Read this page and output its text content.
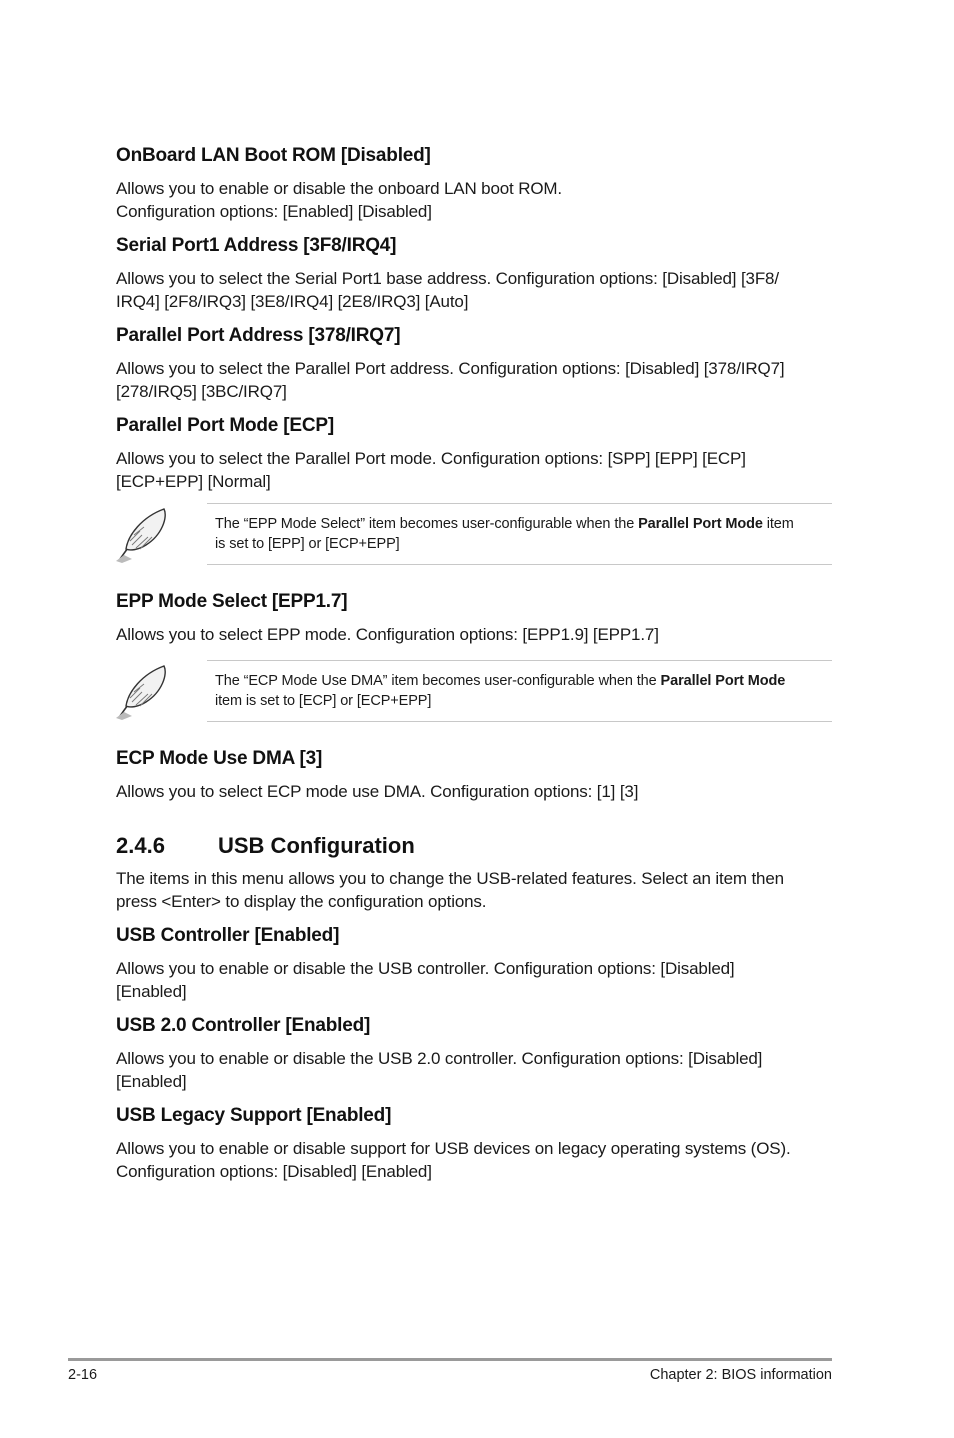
OnBoard LAN Boot ROM [Disabled]
Allows you to enable or disable the onboard LAN boot ROM.
Configuration options: [Enabled] [Disabled]
Serial Port1 Address [3F8/IRQ4]
Allows you to select the Serial Port1 base address. Configuration options: [Disabled] [3F8/
IRQ4] [2F8/IRQ3] [3E8/IRQ4] [2E8/IRQ3] [Auto]
Parallel Port Address [378/IRQ7]
Allows you to select the Parallel Port address. Configuration options: [Disabled] [378/IRQ7]
[278/IRQ5] [3BC/IRQ7]
Parallel Port Mode [ECP]
Allows you to select the Parallel Port mode. Configuration options: [SPP] [EPP] [ECP]
[ECP+EPP] [Normal]
The “EPP Mode Select” item becomes user-configurable when the Parallel Port Mode item
is set to [EPP] or [ECP+EPP]
EPP Mode Select [EPP1.7]
Allows you to select EPP mode. Configuration options: [EPP1.9] [EPP1.7]
The “ECP Mode Use DMA” item becomes user-configurable when the Parallel Port Mode
item is set to [ECP] or [ECP+EPP]
ECP Mode Use DMA [3]
Allows you to select ECP mode use DMA. Configuration options: [1] [3]
2.4.6 USB Configuration
The items in this menu allows you to change the USB-related features. Select an item then
press <Enter> to display the configuration options.
USB Controller [Enabled]
Allows you to enable or disable the USB controller. Configuration options: [Disabled]
[Enabled]
USB 2.0 Controller [Enabled]
Allows you to enable or disable the USB 2.0 controller. Configuration options: [Disabled]
[Enabled]
USB Legacy Support [Enabled]
Allows you to enable or disable support for USB devices on legacy operating systems (OS).
Configuration options: [Disabled] [Enabled]
2-16	Chapter 2: BIOS information
